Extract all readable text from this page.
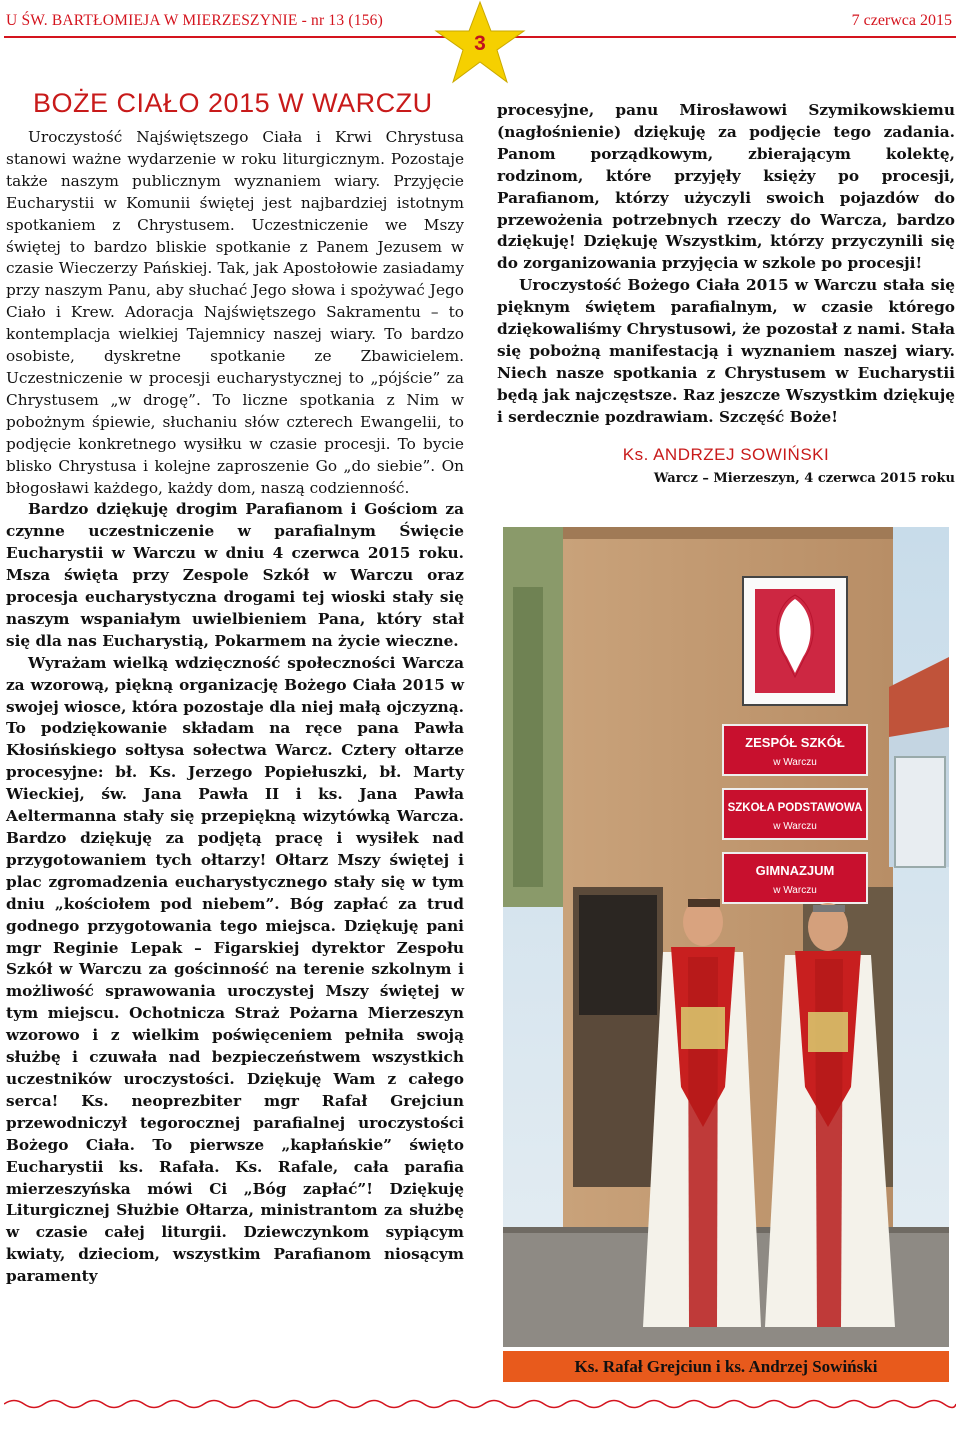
U ŚW. BARTŁOMIEJA W MIERZESZYNIE - nr 13 (156)	7 czerwca 2015
3
BOŻE CIAŁO 2015 W WARCZU

Uroczystość Najświętszego Ciała i Krwi Chrystusa stanowi ważne wydarzenie w roku liturgicznym. Pozostaje także naszym publicznym wyznaniem wiary. Przyjęcie Eucharystii w Komunii świętej jest najbardziej istotnym spotkaniem z Chrystusem. Uczestniczenie we Mszy świętej to bardzo bliskie spotkanie z Panem Jezusem w czasie Wieczerzy Pańskiej. Tak, jak Apostołowie zasiadamy przy naszym Panu, aby słuchać Jego słowa i spożywać Jego Ciało i Krew. Adoracja Najświętszego Sakramentu – to kontemplacja wielkiej Tajemnicy naszej wiary. To bardzo osobiste, dyskretne spotkanie ze Zbawicielem. Uczestniczenie w procesji eucharystycznej to „pójście” za Chrystusem „w drogę”. To liczne spotkania z Nim w pobożnym śpiewie, słuchaniu słów czterech Ewangelii, to podjęcie konkretnego wysiłku w czasie procesji. To bycie blisko Chrystusa i kolejne zaproszenie Go „do siebie”. On błogosławi każdego, każdy dom, naszą codzienność.

Bardzo dziękuję drogim Parafianom i Gościom za czynne uczestniczenie w parafialnym Święcie Eucharystii w Warczu w dniu 4 czerwca 2015 roku. Msza święta przy Zespole Szkół w Warczu oraz procesja eucharystyczna drogami tej wioski stały się naszym wspaniałym uwielbieniem Pana, który stał się dla nas Eucharystią, Pokarmem na życie wieczne.

Wyrażam wielką wdzięczność społeczności Warcza za wzorową, piękną organizację Bożego Ciała 2015 w swojej wiosce, która pozostaje dla niej małą ojczyzną. To podziękowanie składam na ręce pana Pawła Kłosińskiego sołtysa sołectwa Warcz. Cztery ołtarze procesyjne: bł. Ks. Jerzego Popiełuszki, bł. Marty Wieckiej, św. Jana Pawła II i ks. Jana Pawła Aeltermanna stały się przepiękną wizytówką Warcza. Bardzo dziękuję za podjętą pracę i wysiłek nad przygotowaniem tych ołtarzy! Ołtarz Mszy świętej i plac zgromadzenia eucharystycznego stały się w tym dniu „kościołem pod niebem”. Bóg zapłać za trud godnego przygotowania tego miejsca. Dziękuję pani mgr Reginie Lepak – Figarskiej dyrektor Zespołu Szkół w Warczu za gościnność na terenie szkolnym i możliwość sprawowania uroczystej Mszy świętej w tym miejscu. Ochotnicza Straż Pożarna Mierzeszyn wzorowo i z wielkim poświęceniem pełniła swoją służbę i czuwała nad bezpieczeństwem wszystkich uczestników uroczystości. Dziękuję Wam z całego serca! Ks. neoprezbiter mgr Rafał Grejciun przewodniczył tegorocznej parafialnej uroczystości Bożego Ciała. To pierwsze „kapłańskie” święto Eucharystii ks. Rafała. Ks. Rafale, cała parafia mierzeszyńska mówi Ci „Bóg zapłać”! Dziękuję Liturgicznej Służbie Ołtarza, ministrantom za służbę w czasie całej liturgii. Dziewczynkom sypiącym kwiaty, dzieciom, wszystkim Parafianom niosącym paramenty

procesyjne, panu Mirosławowi Szymikowskiemu (nagłośnienie) dziękuję za podjęcie tego zadania. Panom porządkowym, zbierającym kolektę, rodzinom, które przyjęły księży po procesji, Parafianom, którzy użyczyli swoich pojazdów do przewożenia potrzebnych rzeczy do Warcza, bardzo dziękuję! Dziękuję Wszystkim, którzy przyczynili się do zorganizowania przyjęcia w szkole po procesji!

Uroczystość Bożego Ciała 2015 w Warczu stała się pięknym świętem parafialnym, w czasie którego dziękowaliśmy Chrystusowi, że pozostał z nami. Stała się pobożną manifestacją i wyznaniem naszej wiary. Niech nasze spotkania z Chrystusem w Eucharystii będą jak najczęstsze. Raz jeszcze Wszystkim dziękuję i serdecznie pozdrawiam. Szczęść Boże!

Ks. ANDRZEJ SOWIŃSKI
Warcz – Mierzeszyn, 4 czerwca 2015 roku
ZESPÓŁ SZKÓŁ
w Warczu
SZKOŁA PODSTAWOWA
w Warczu
GIMNAZJUM
w Warczu
Ks. Rafał Grejciun i ks. Andrzej Sowiński
